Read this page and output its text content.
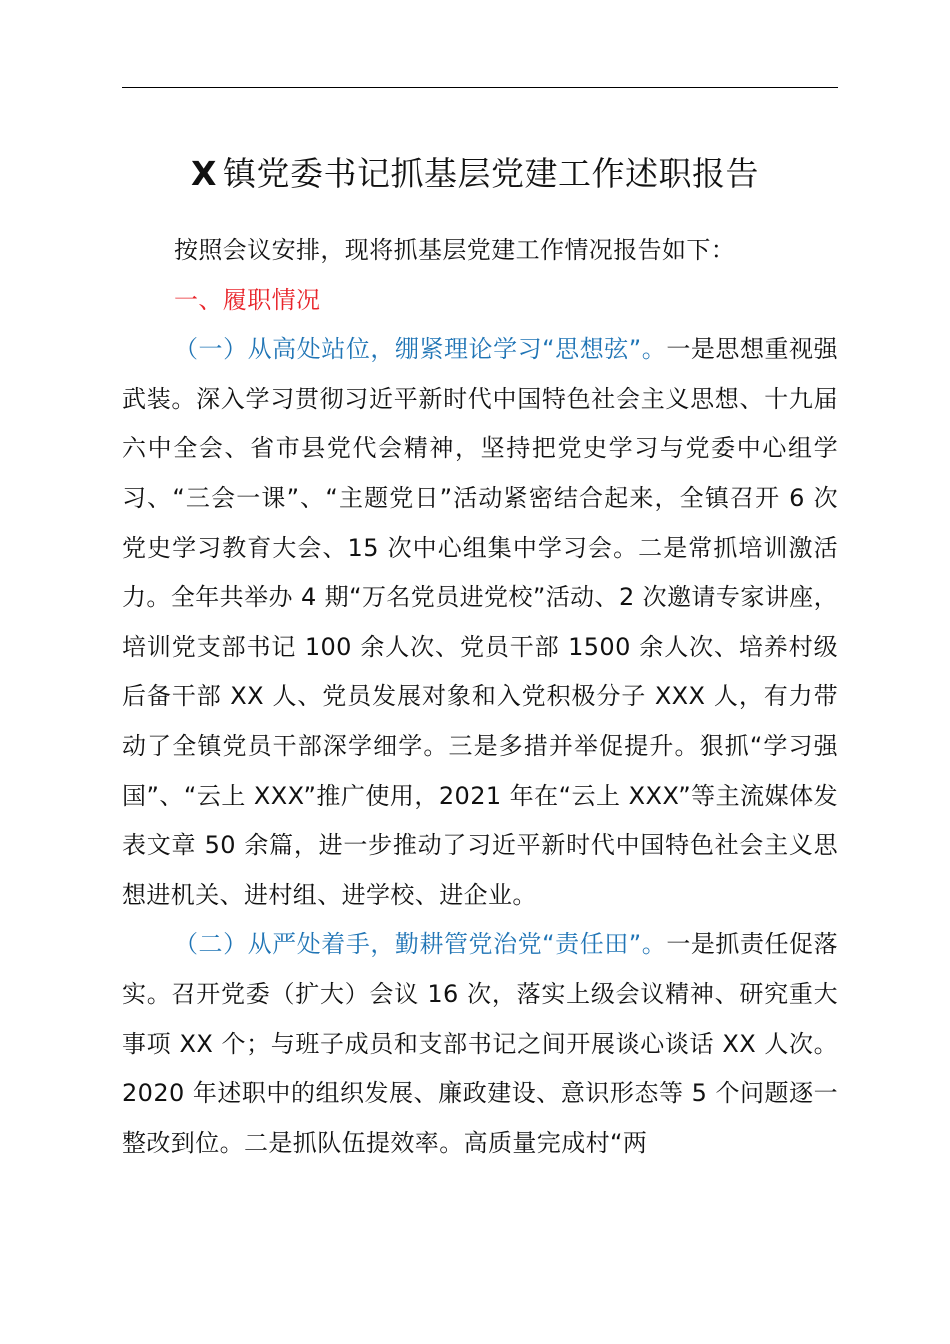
X 镇党委书记抓基层党建工作述职报告

按照会议安排，现将抓基层党建工作情况报告如下：

一、履职情况

（一）从高处站位，绷紧理论学习“思想弦”。一是思想重视强武装。深入学习贯彻习近平新时代中国特色社会主义思想、十九届六中全会、省市县党代会精神，坚持把党史学习与党委中心组学习、“三会一课”、“主题党日”活动紧密结合起来，全镇召开 6 次党史学习教育大会、15 次中心组集中学习会。二是常抓培训激活力。全年共举办 4 期“万名党员进党校”活动、2 次邀请专家讲座，培训党支部书记 100 余人次、党员干部 1500 余人次、培养村级后备干部 XX 人、党员发展对象和入党积极分子 XXX 人，有力带动了全镇党员干部深学细学。三是多措并举促提升。狠抓“学习强国”、“云上 XXX”推广使用，2021 年在“云上 XXX”等主流媒体发表文章 50 余篇，进一步推动了习近平新时代中国特色社会主义思想进机关、进村组、进学校、进企业。

（二）从严处着手，勤耕管党治党“责任田”。一是抓责任促落实。召开党委（扩大）会议 16 次，落实上级会议精神、研究重大事项 XX 个；与班子成员和支部书记之间开展谈心谈话 XX 人次。2020 年述职中的组织发展、廉政建设、意识形态等 5 个问题逐一整改到位。二是抓队伍提效率。高质量完成村“两
